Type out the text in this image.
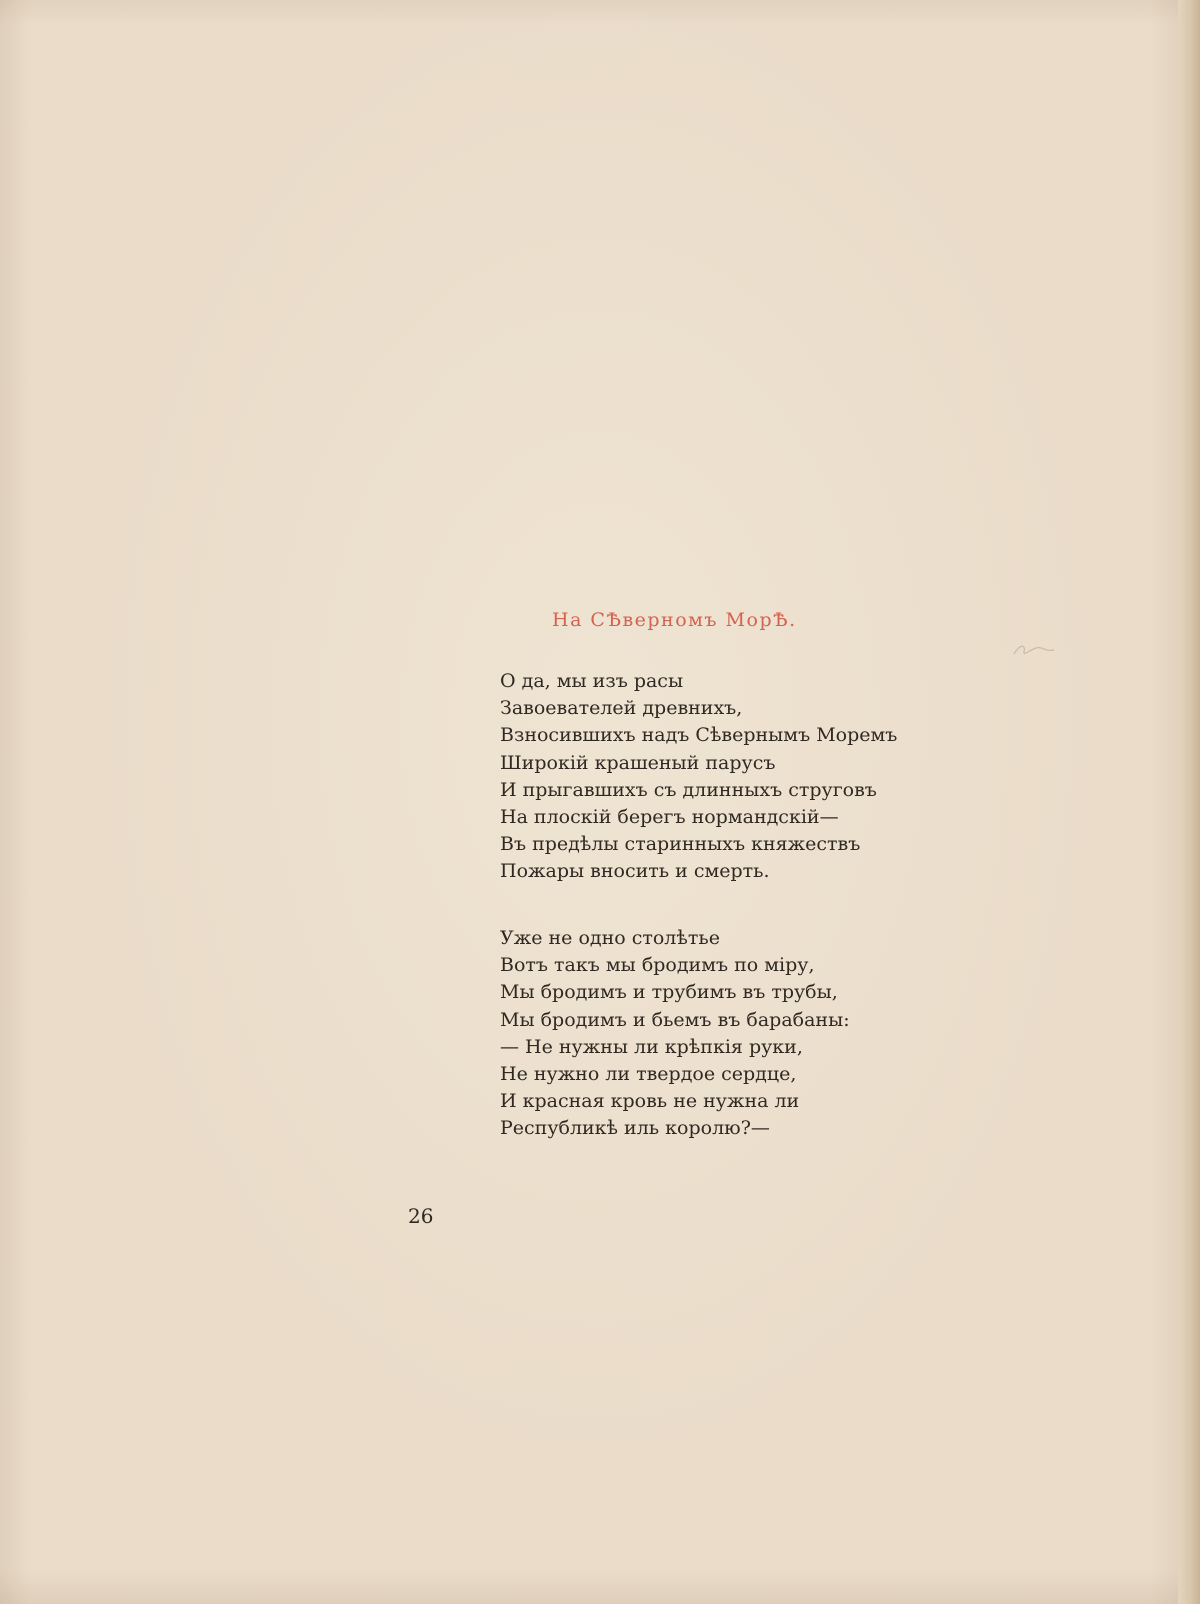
На СѢверномъ МорѢ.
О да, мы изъ расы
Завоевателей древнихъ,
Взносившихъ надъ Сѣвернымъ Моремъ
Широкій крашеный парусъ
И прыгавшихъ съ длинныхъ струговъ
На плоскій берегъ нормандскій—
Въ предѣлы старинныхъ княжествъ
Пожары вносить и смерть.
Уже не одно столѣтье
Вотъ такъ мы бродимъ по міру,
Мы бродимъ и трубимъ въ трубы,
Мы бродимъ и бьемъ въ барабаны:
— Не нужны ли крѣпкія руки,
Не нужно ли твердое сердце,
И красная кровь не нужна ли
Республикѣ иль королю?—
26
